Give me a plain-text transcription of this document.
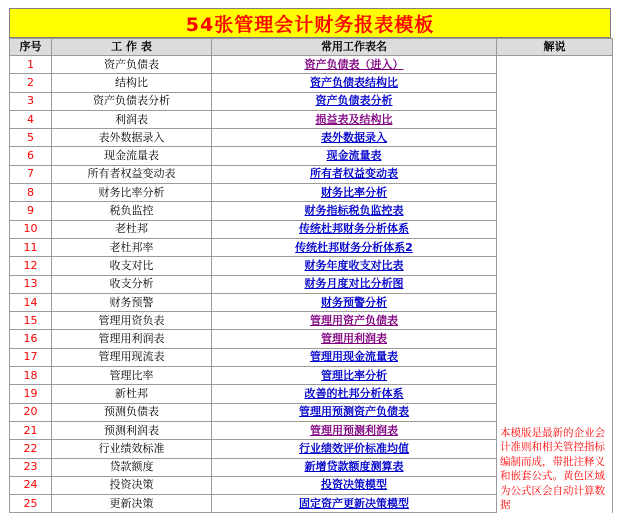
54张管理会计财务报表模板
序号	工 作 表	常用工作表名	解说
1	资产负债表	资产负债表（进入）	本模版是最新的企业会计准则和相关管控指标编制而成，带批注释义和嵌套公式。黄色区域为公式区会自动计算数据

2	结构比	资产负债表结构比	
3	资产负债表分析	资产负债表分析	
4	利润表	损益表及结构比	
5	表外数据录入	表外数据录入	
6	现金流量表	现金流量表	
7	所有者权益变动表	所有者权益变动表	
8	财务比率分析	财务比率分析	
9	税负监控	财务指标税负监控表	
10	老杜邦	传统杜邦财务分析体系	
11	老杜邦率	传统杜邦财务分析体系2	
12	收支对比	财务年度收支对比表	
13	收支分析	财务月度对比分析图	
14	财务预警	财务预警分析	
15	管理用资负表	管理用资产负债表	
16	管理用利润表	管理用利润表	
17	管理用现流表	管理用现金流量表	
18	管理比率	管理比率分析	
19	新杜邦	改善的杜邦分析体系	
20	预测负债表	管理用预测资产负债表	
21	预测利润表	管理用预测利润表	
22	行业绩效标准	行业绩效评价标准均值	
23	贷款额度	新增贷款额度测算表	
24	投资决策	投资决策模型	
25	更新决策	固定资产更新决策模型	
